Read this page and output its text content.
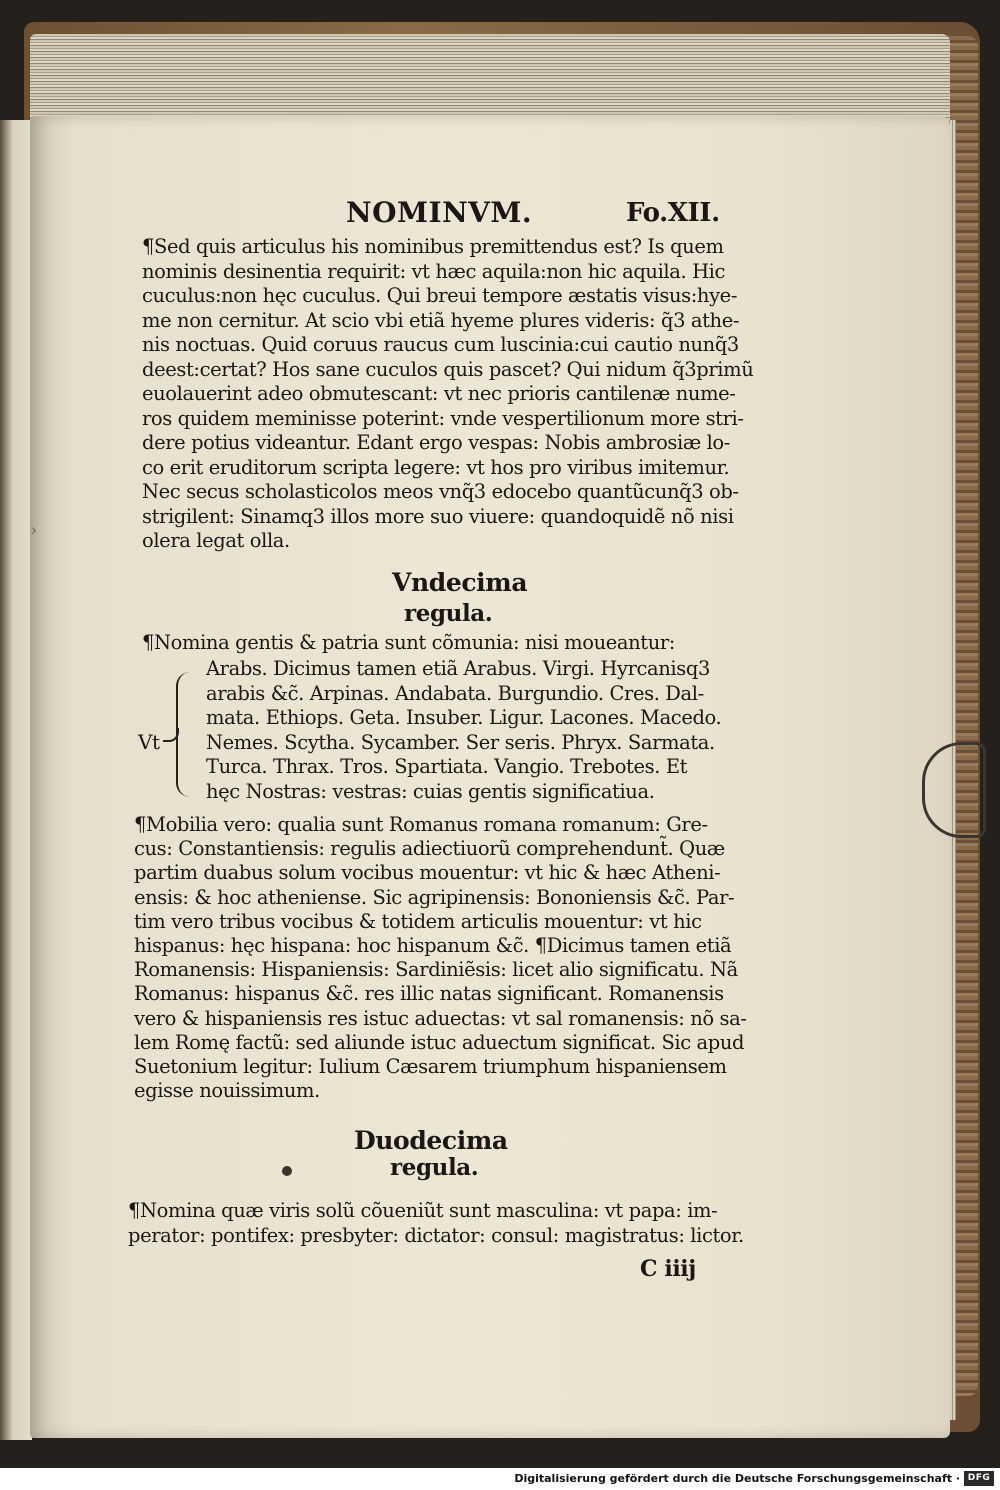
›
NOMINVM.	Fo.XII.
¶Sed quis articulus his nominibus premittendus est? Is quem
nominis desinentia requirit: vt hæc aquila:non hic aquila. Hic
cuculus:non hęc cuculus. Qui breui tempore æstatis visus:hye-
me non cernitur. At scio vbi etiã hyeme plures videris: q̃3 athe-
nis noctuas. Quid coruus raucus cum luscinia:cui cautio nunq̃3
deest:certat? Hos sane cuculos quis pascet? Qui nidum q̃3primũ
euolauerint adeo obmutescant: vt nec prioris cantilenæ nume-
ros quidem meminisse poterint: vnde vespertilionum more stri-
dere potius videantur. Edant ergo vespas: Nobis ambrosiæ lo-
co erit eruditorum scripta legere: vt hos pro viribus imitemur.
Nec secus scholasticolos meos vnq̃3 edocebo quantũcunq̃3 ob-
strigilent: Sinamq3 illos more suo viuere: quandoquidẽ nõ nisi
olera legat olla.
Vndecima
regula.
¶Nomina gentis & patria sunt cõmunia: nisi moueantur:
Vt
Arabs. Dicimus tamen etiã Arabus. Virgi. Hyrcanisq3
arabis &c̃. Arpinas. Andabata. Burgundio. Cres. Dal-
mata. Ethiops. Geta. Insuber. Ligur. Lacones. Macedo.
Nemes. Scytha. Sycamber. Ser seris. Phryx. Sarmata.
Turca. Thrax. Tros. Spartiata. Vangio. Trebotes. Et
hęc Nostras: vestras: cuias gentis significatiua.
¶Mobilia vero: qualia sunt Romanus romana romanum: Gre-
cus: Constantiensis: regulis adiectiuorũ comprehendunt̃. Quæ
partim duabus solum vocibus mouentur: vt hic & hæc Atheni-
ensis: & hoc atheniense. Sic agripinensis: Bononiensis &c̃. Par-
tim vero tribus vocibus & totidem articulis mouentur: vt hic
hispanus: hęc hispana: hoc hispanum &c̃. ¶Dicimus tamen etiã
Romanensis: Hispaniensis: Sardiniẽsis: licet alio significatu. Nã
Romanus: hispanus &c̃. res illic natas significant. Romanensis
vero & hispaniensis res istuc aduectas: vt sal romanensis: nõ sa-
lem Romę factũ: sed aliunde istuc aduectum significat. Sic apud
Suetonium legitur: Iulium Cæsarem triumphum hispaniensem
egisse nouissimum.
Duodecima
regula.
¶Nomina quæ viris solũ cõueniũt sunt masculina: vt papa: im-
perator: pontifex: presbyter: dictator: consul: magistratus: lictor.
C iiij
Digitalisierung gefördert durch die Deutsche Forschungsgemeinschaft · DFG
